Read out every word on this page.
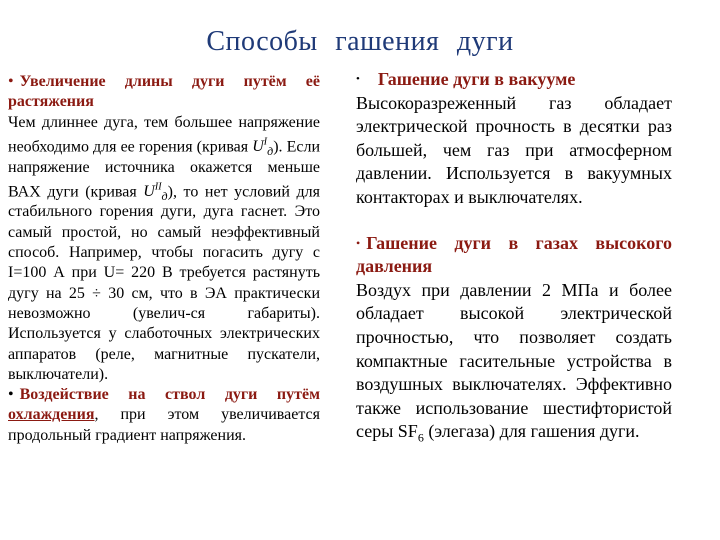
Способы гашения дуги

• Увеличение длины дуги путём её растяжения
Чем длиннее дуга, тем большее напряжение необходимо для ее горения (кривая $U^I_д$). Если напряжение источника окажется меньше ВАХ дуги (кривая $U^{II}_д$), то нет условий для стабильного горения дуги, дуга гаснет. Это самый простой, но самый неэффективный способ. Например, чтобы погасить дугу с I=100 А при U= 220 В требуется растянуть дугу на 25 ÷ 30 см, что в ЭА практически невозможно (увелич-ся габариты). Используется у слаботочных электрических аппаратов (реле, магнитные пускатели, выключатели).

• Воздействие на ствол дуги путём охлаждения, при этом увеличивается продольный градиент напряжения.

• Гашение дуги в вакууме
Высокоразреженный газ обладает электрической прочность в десятки раз большей, чем газ при атмосферном давлении. Используется в вакуумных контакторах и выключателях.

• Гашение дуги в газах высокого давления
Воздух при давлении 2 МПа и более обладает высокой электрической прочностью, что позволяет создать компактные гасительные устройства в воздушных выключателях. Эффективно также использование шестифтористой серы $SF_6$ (элегаза) для гашения дуги.
